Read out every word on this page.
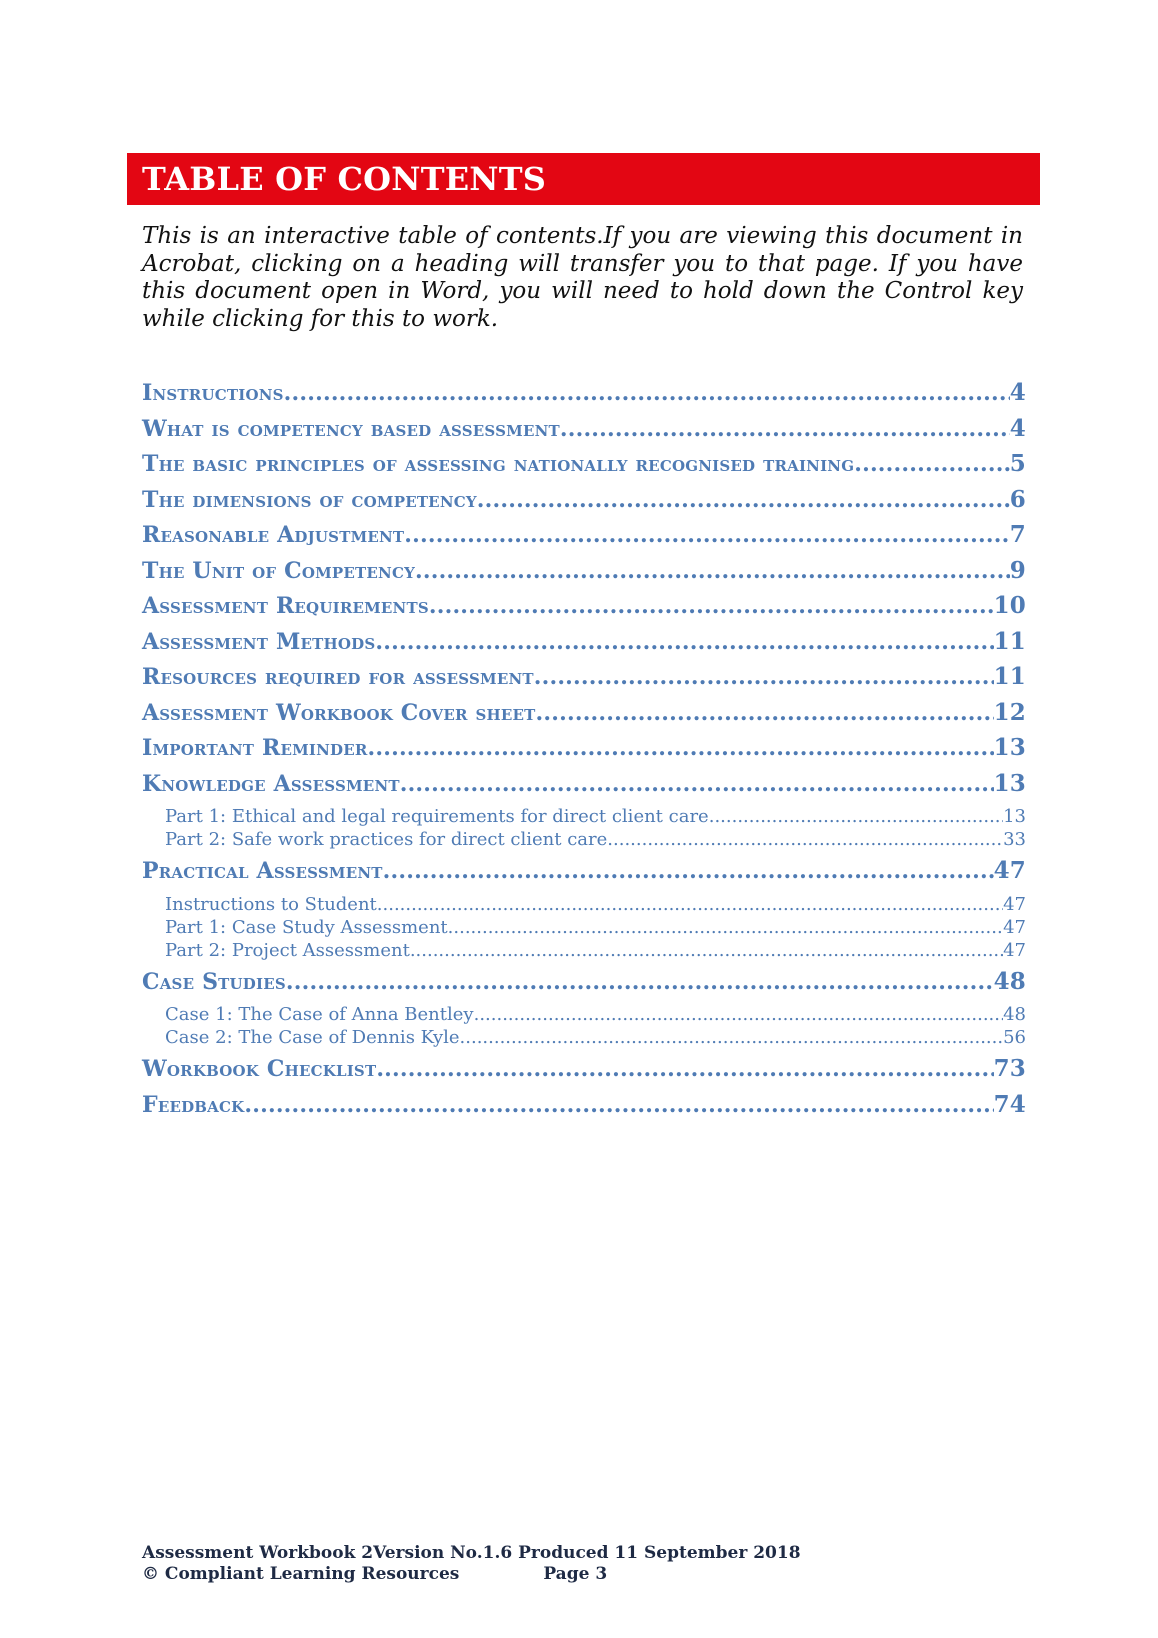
TABLE OF CONTENTS

This is an interactive table of contents.If you are viewing this document in Acrobat, clicking on a heading will transfer you to that page. If you have this document open in Word, you will need to hold down the Control key while clicking for this to work.

Instructions .....	4
What is competency based assessment .....	4
The basic principles of assessing nationally recognised training .....	5
The dimensions of competency .....	6
Reasonable Adjustment .....	7
The Unit of Competency .....	9
Assessment Requirements .....	10
Assessment Methods .....	11
Resources required for assessment .....	11
Assessment Workbook Cover sheet .....	12
Important Reminder .....	13
Knowledge Assessment .....	13
Part 1: Ethical and legal requirements for direct client care .....	13
Part 2: Safe work practices for direct client care .....	33
Practical Assessment .....	47
Instructions to Student .....	47
Part 1: Case Study Assessment .....	47
Part 2: Project Assessment .....	47
Case Studies .....	48
Case 1: The Case of Anna Bentley .....	48
Case 2: The Case of Dennis Kyle .....	56
Workbook Checklist .....	73
Feedback .....	74
Assessment Workbook 2Version No.1.6 Produced 11 September 2018
© Compliant Learning Resources	Page 3
